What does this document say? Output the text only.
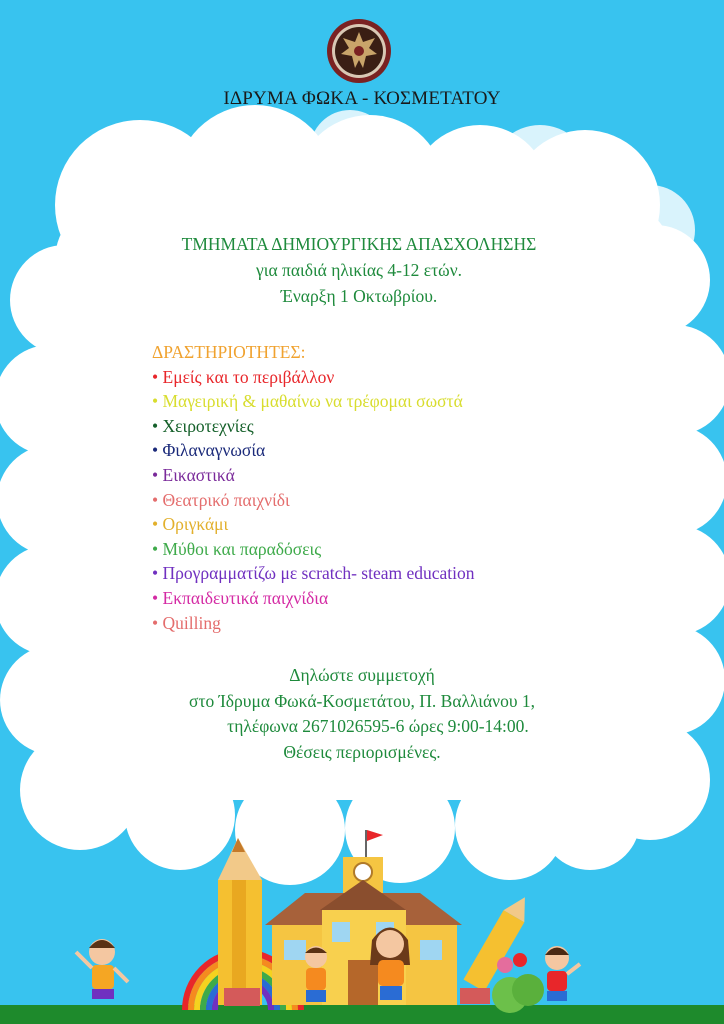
ΙΔΡΥΜΑ ΦΩΚΑ - ΚΟΣΜΕΤΑΤΟΥ
ΤΜΗΜΑΤΑ ΔΗΜΙΟΥΡΓΙΚΗΣ ΑΠΑΣΧΟΛΗΣΗΣ
για παιδιά ηλικίας 4-12 ετών.
Έναρξη 1 Οκτωβρίου.
ΔΡΑΣΤΗΡΙΟΤΗΤΕΣ:
• Εμείς και το περιβάλλον
• Μαγειρική & μαθαίνω να τρέφομαι σωστά
• Χειροτεχνίες
• Φιλαναγνωσία
• Εικαστικά
• Θεατρικό παιχνίδι
• Οριγκάμι
• Μύθοι και παραδόσεις
• Προγραμματίζω με scratch- steam education
• Εκπαιδευτικά παιχνίδια
• Quilling
Δηλώστε συμμετοχή
στο Ίδρυμα Φωκά-Κοσμετάτου, Π. Βαλλιάνου 1,
τηλέφωνα 2671026595-6 ώρες 9:00-14:00.
Θέσεις περιορισμένες.
